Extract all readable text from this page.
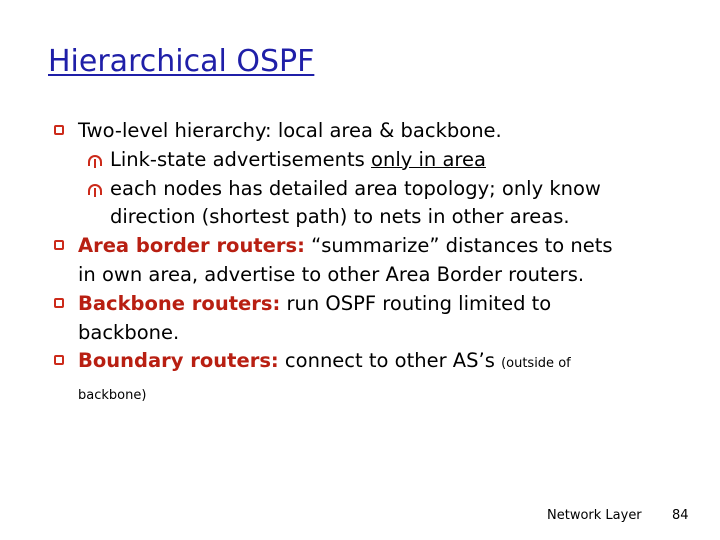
Hierarchical OSPF
Two-level hierarchy: local area & backbone.
Link-state advertisements only in area
each nodes has detailed area topology; only know
direction (shortest path) to nets in other areas.
Area border routers: “summarize” distances to nets
in own area, advertise to other Area Border routers.
Backbone routers: run OSPF routing limited to
backbone.
Boundary routers: connect to other AS’s (outside of
backbone)
Network Layer 84
